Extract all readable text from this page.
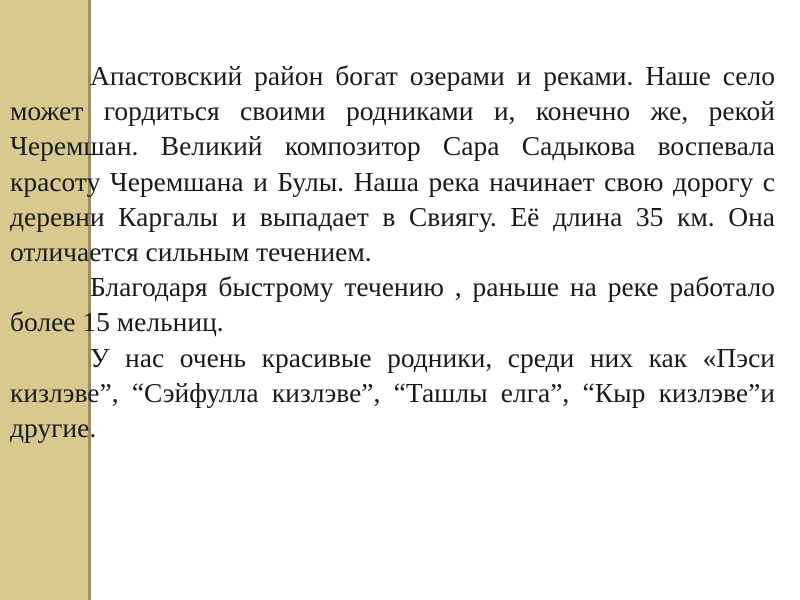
Апастовский район богат озерами и реками. Наше село может гордиться своими родниками и, конечно же, рекой Черемшан. Великий композитор Сара Садыкова воспевала красоту Черемшана и Булы. Наша река начинает свою дорогу с деревни Каргалы и выпадает в Свиягу. Её длина 35 км. Она отличается сильным течением.

Благодаря быстрому течению , раньше на реке работало более 15 мельниц.

У нас очень красивые родники, среди них как «Пэси кизлэве”, “Сэйфулла кизлэве”, “Ташлы елга”, “Кыр кизлэве”и другие.
